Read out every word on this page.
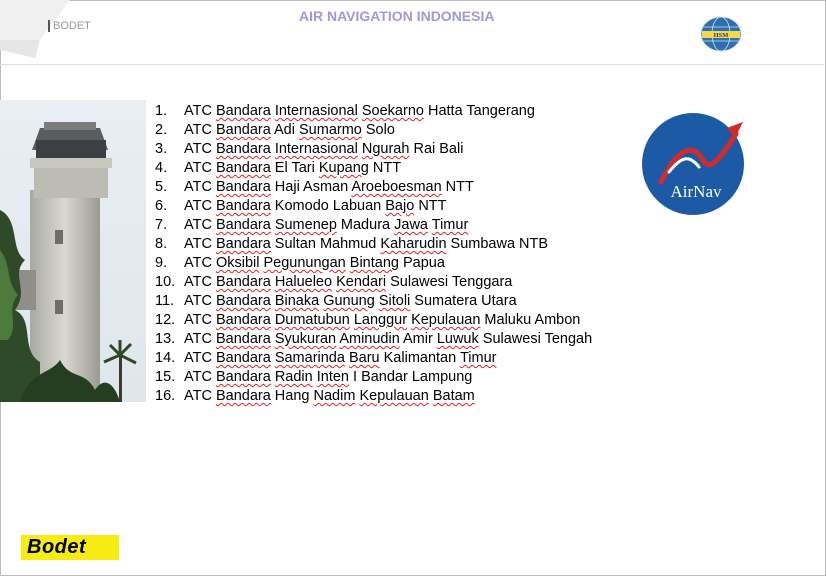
BODET
AIR NAVIGATION INDONESIA
HSM
1. ATC Bandara Internasional Soekarno Hatta Tangerang
2. ATC Bandara Adi Sumarmo Solo
3. ATC Bandara Internasional Ngurah Rai Bali
4. ATC Bandara El Tari Kupang NTT
5. ATC Bandara Haji Asman Aroeboesman NTT
6. ATC Bandara Komodo Labuan Bajo NTT
7. ATC Bandara Sumenep Madura Jawa Timur
8. ATC Bandara Sultan Mahmud Kaharudin Sumbawa NTB
9. ATC Oksibil Pegunungan Bintang Papua
10. ATC Bandara Halueleo Kendari Sulawesi Tenggara
11. ATC Bandara Binaka Gunung Sitoli Sumatera Utara
12. ATC Bandara Dumatubun Langgur Kepulauan Maluku Ambon
13. ATC Bandara Syukuran Aminudin Amir Luwuk Sulawesi Tengah
14. ATC Bandara Samarinda Baru Kalimantan Timur
15. ATC Bandara Radin Inten I Bandar Lampung
16. ATC Bandara Hang Nadim Kepulauan Batam
AirNav
Bodet
